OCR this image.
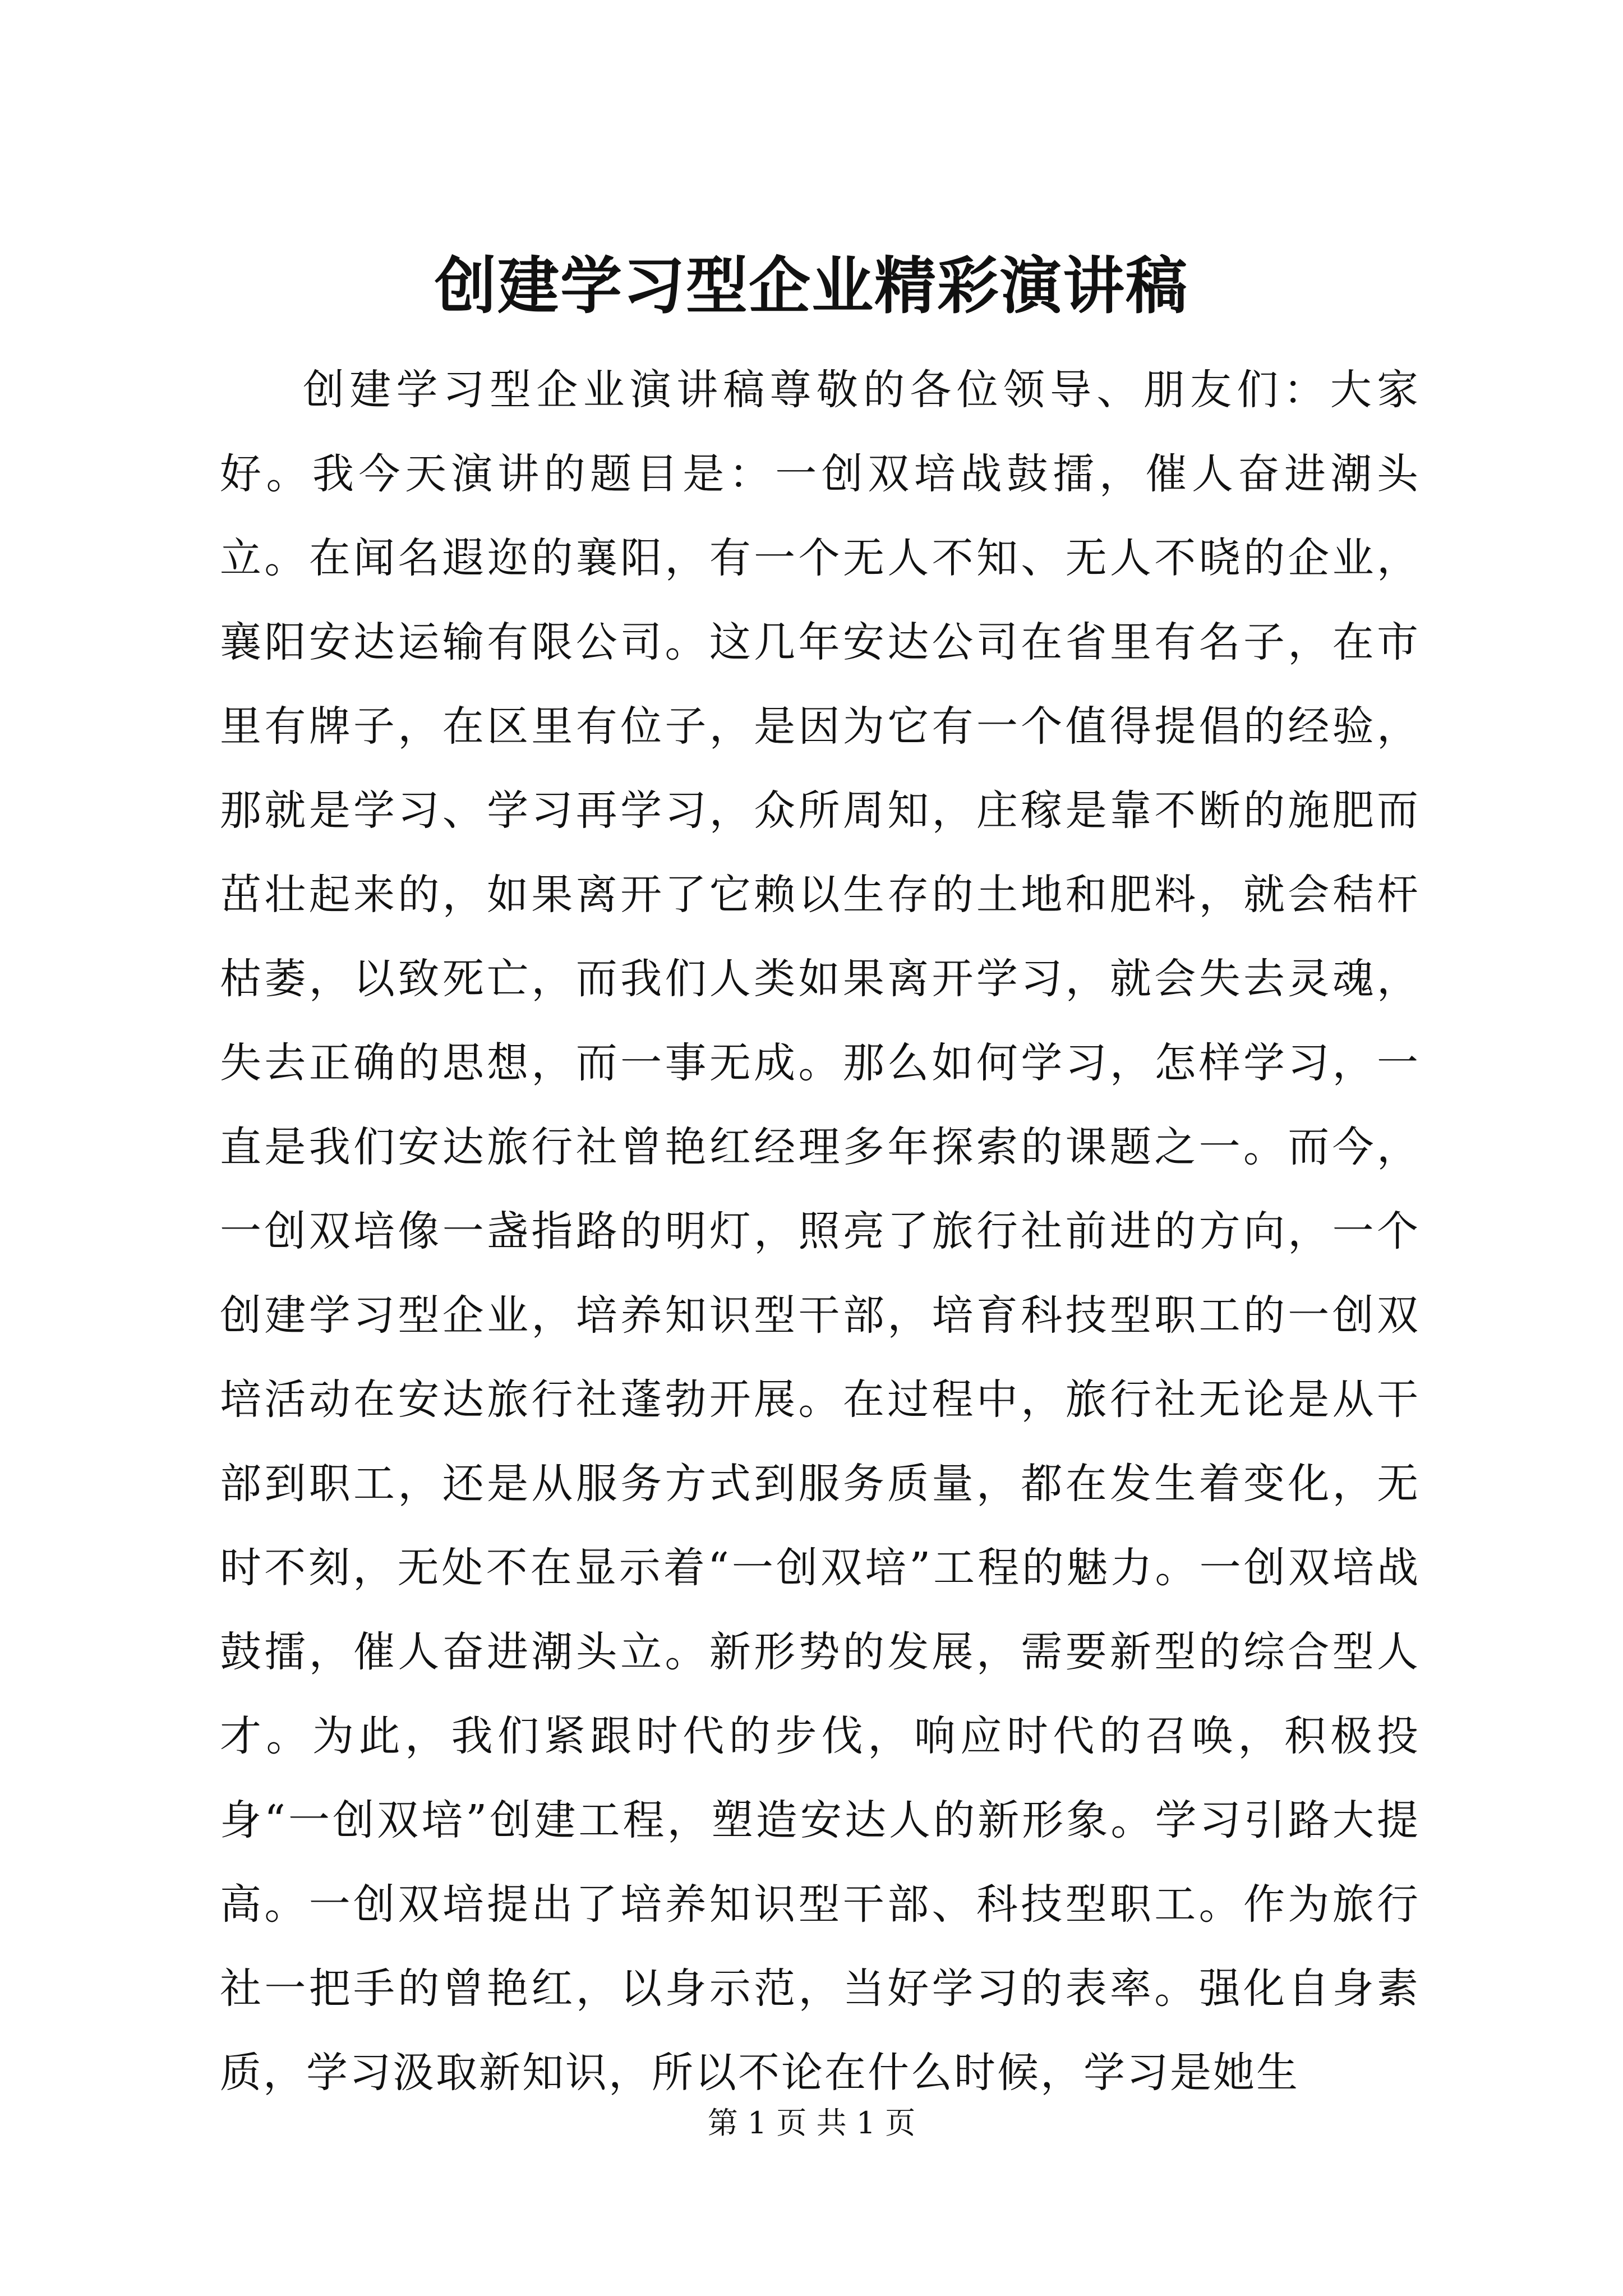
创建学习型企业精彩演讲稿

创建学习型企业演讲稿尊敬的各位领导、朋友们：大家好。我今天演讲的题目是：一创双培战鼓擂，催人奋进潮头立。在闻名遐迩的襄阳，有一个无人不知、无人不晓的企业，襄阳安达运输有限公司。这几年安达公司在省里有名子，在市里有牌子，在区里有位子，是因为它有一个值得提倡的经验，那就是学习、学习再学习，众所周知，庄稼是靠不断的施肥而茁壮起来的，如果离开了它赖以生存的土地和肥料，就会秸杆枯萎，以致死亡，而我们人类如果离开学习，就会失去灵魂，失去正确的思想，而一事无成。那么如何学习，怎样学习，一直是我们安达旅行社曾艳红经理多年探索的课题之一。而今，一创双培像一盏指路的明灯，照亮了旅行社前进的方向，一个创建学习型企业，培养知识型干部，培育科技型职工的一创双培活动在安达旅行社蓬勃开展。在过程中，旅行社无论是从干部到职工，还是从服务方式到服务质量，都在发生着变化，无时不刻，无处不在显示着“一创双培”工程的魅力。一创双培战鼓擂，催人奋进潮头立。新形势的发展，需要新型的综合型人才。为此，我们紧跟时代的步伐，响应时代的召唤，积极投身“一创双培”创建工程，塑造安达人的新形象。学习引路大提高。一创双培提出了培养知识型干部、科技型职工。作为旅行社一把手的曾艳红，以身示范，当好学习的表率。强化自身素质，学习汲取新知识，所以不论在什么时候，学习是她生

第 1 页 共 1 页
